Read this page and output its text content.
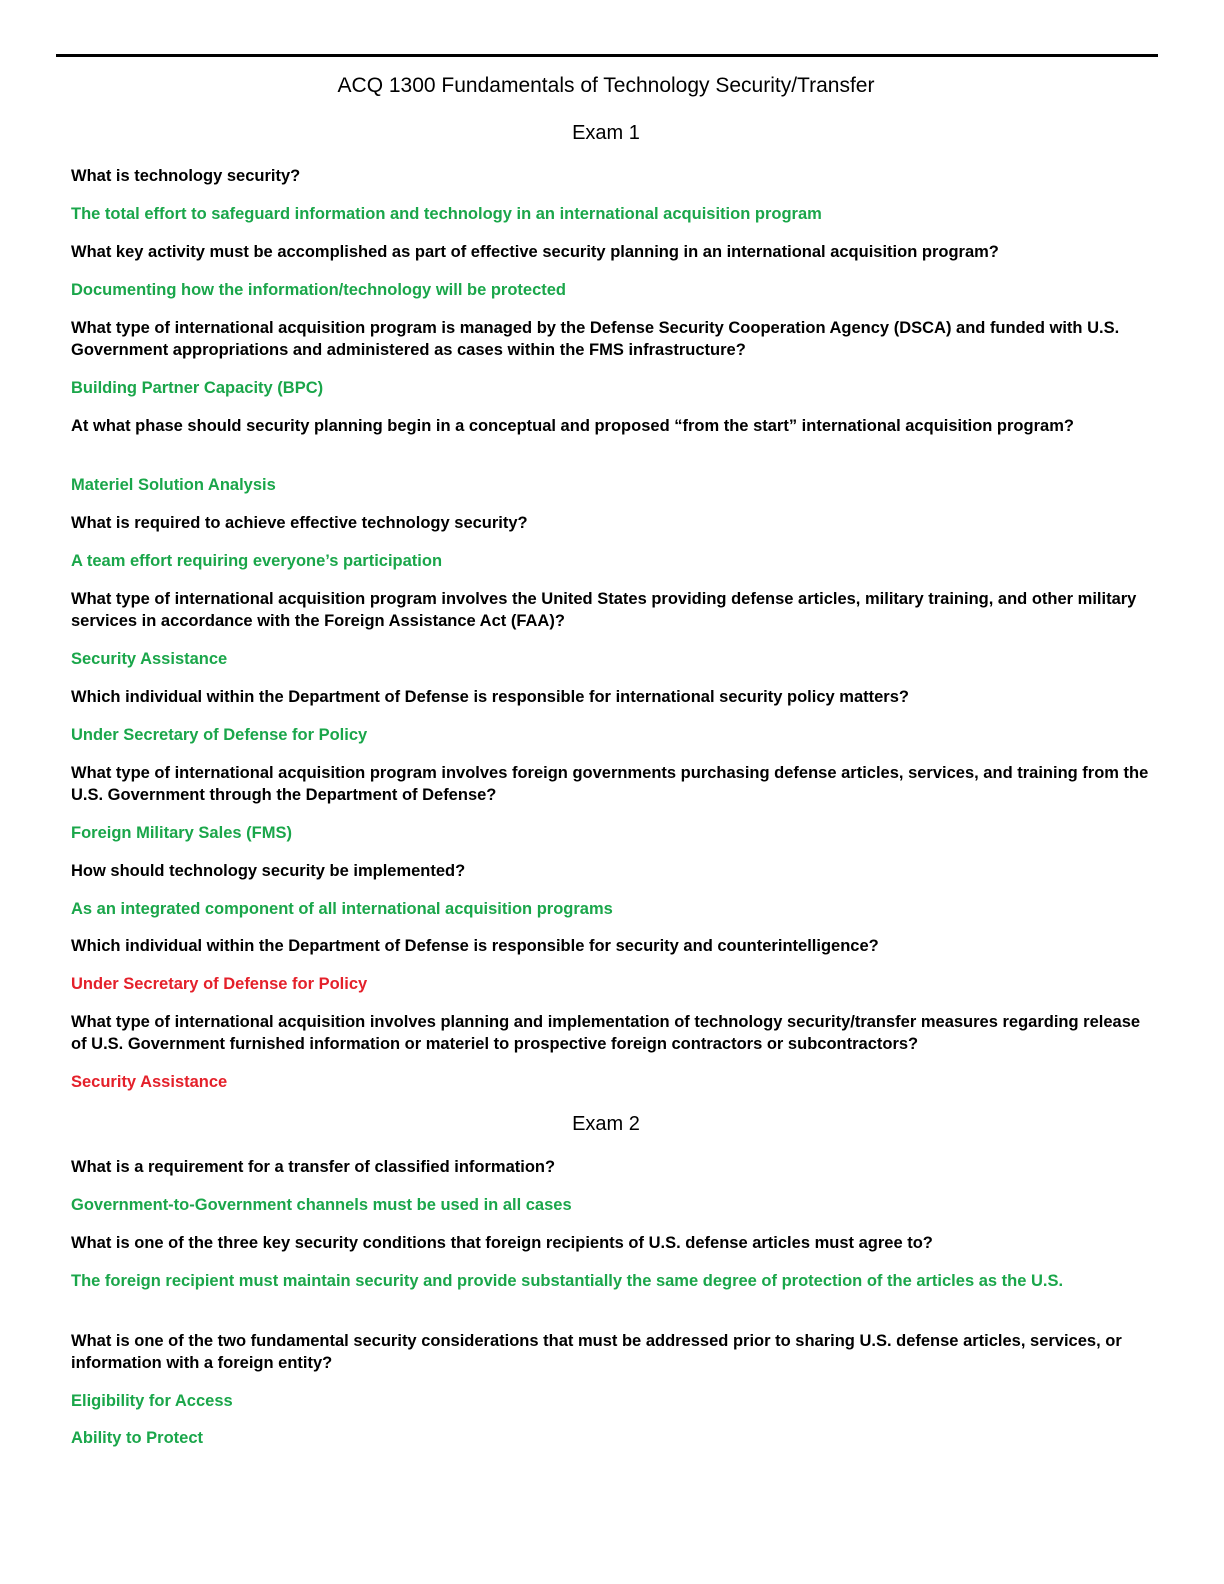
ACQ 1300 Fundamentals of Technology Security/Transfer
Exam 1

What is technology security?

The total effort to safeguard information and technology in an international acquisition program

What key activity must be accomplished as part of effective security planning in an international acquisition program?

Documenting how the information/technology will be protected

What type of international acquisition program is managed by the Defense Security Cooperation Agency (DSCA) and funded with U.S. Government appropriations and administered as cases within the FMS infrastructure?

Building Partner Capacity (BPC)

At what phase should security planning begin in a conceptual and proposed “from the start” international acquisition program?

Materiel Solution Analysis

What is required to achieve effective technology security?

A team effort requiring everyone’s participation

What type of international acquisition program involves the United States providing defense articles, military training, and other military services in accordance with the Foreign Assistance Act (FAA)?

Security Assistance

Which individual within the Department of Defense is responsible for international security policy matters?

Under Secretary of Defense for Policy

What type of international acquisition program involves foreign governments purchasing defense articles, services, and training from the U.S. Government through the Department of Defense?

Foreign Military Sales (FMS)

How should technology security be implemented?

As an integrated component of all international acquisition programs

Which individual within the Department of Defense is responsible for security and counterintelligence?

Under Secretary of Defense for Policy

What type of international acquisition involves planning and implementation of technology security/transfer measures regarding release of U.S. Government furnished information or materiel to prospective foreign contractors or subcontractors?

Security Assistance

Exam 2

What is a requirement for a transfer of classified information?

Government-to-Government channels must be used in all cases

What is one of the three key security conditions that foreign recipients of U.S. defense articles must agree to?

The foreign recipient must maintain security and provide substantially the same degree of protection of the articles as the U.S.

What is one of the two fundamental security considerations that must be addressed prior to sharing U.S. defense articles, services, or information with a foreign entity?

Eligibility for Access

Ability to Protect
